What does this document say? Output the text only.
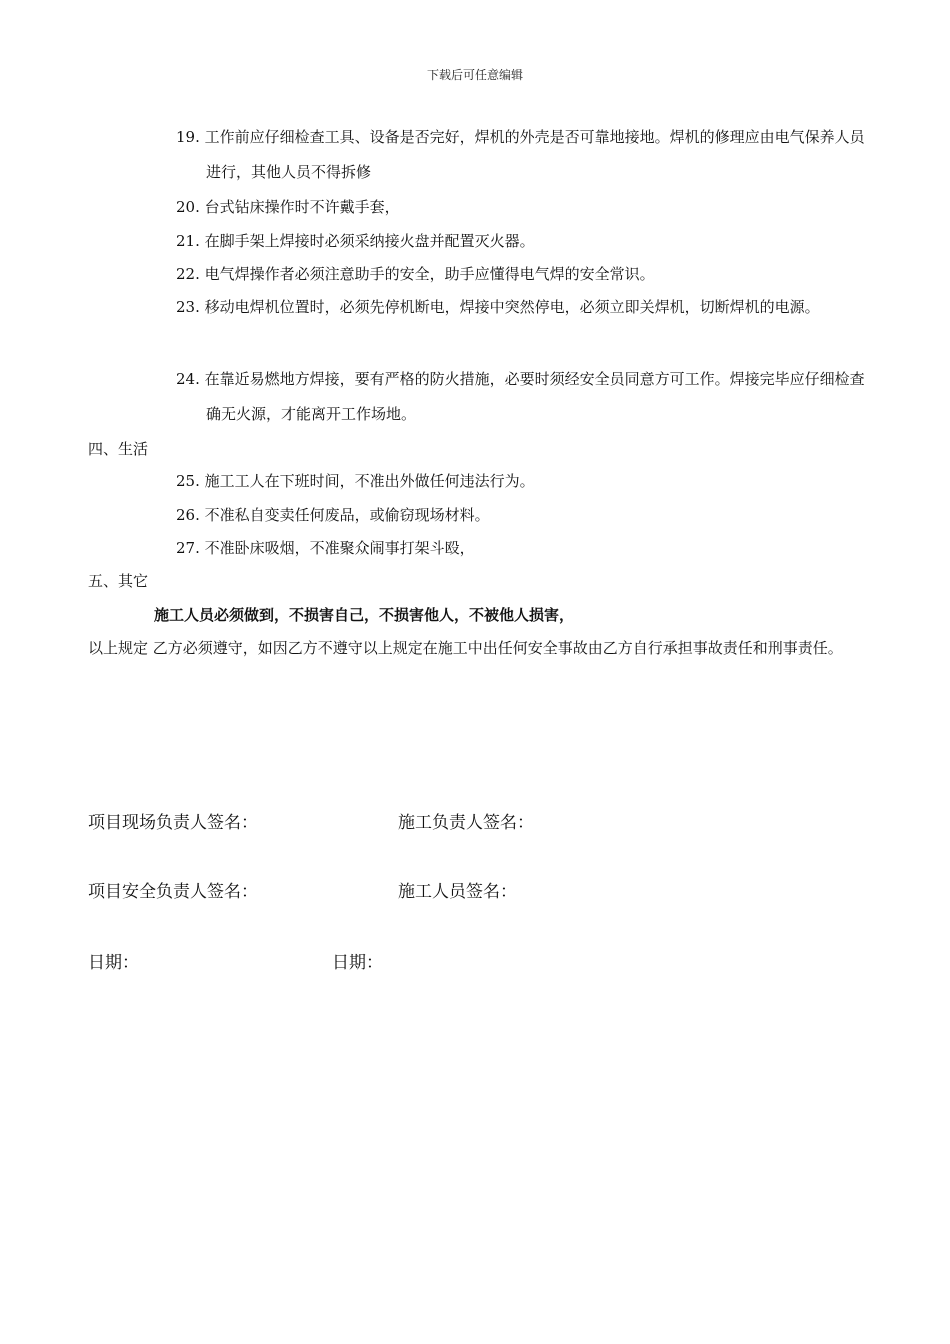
下载后可任意编辑
19. 工作前应仔细检查工具、设备是否完好，焊机的外壳是否可靠地接地。焊机的修理应由电气保养人员进行，其他人员不得拆修
20. 台式钻床操作时不许戴手套，
21. 在脚手架上焊接时必须采纳接火盘并配置灭火器。
22. 电气焊操作者必须注意助手的安全，助手应懂得电气焊的安全常识。
23. 移动电焊机位置时，必须先停机断电，焊接中突然停电，必须立即关焊机，切断焊机的电源。
24. 在靠近易燃地方焊接，要有严格的防火措施，必要时须经安全员同意方可工作。焊接完毕应仔细检查确无火源，才能离开工作场地。
四、生活
25. 施工工人在下班时间，不准出外做任何违法行为。
26. 不准私自变卖任何废品，或偷窃现场材料。
27. 不准卧床吸烟，不准聚众闹事打架斗殴，
五、其它
施工人员必须做到，不损害自己，不损害他人，不被他人损害，
以上规定 乙方必须遵守，如因乙方不遵守以上规定在施工中出任何安全事故由乙方自行承担事故责任和刑事责任。
项目现场负责人签名：	施工负责人签名：
项目安全负责人签名：	施工人员签名：
日期：	日期：
